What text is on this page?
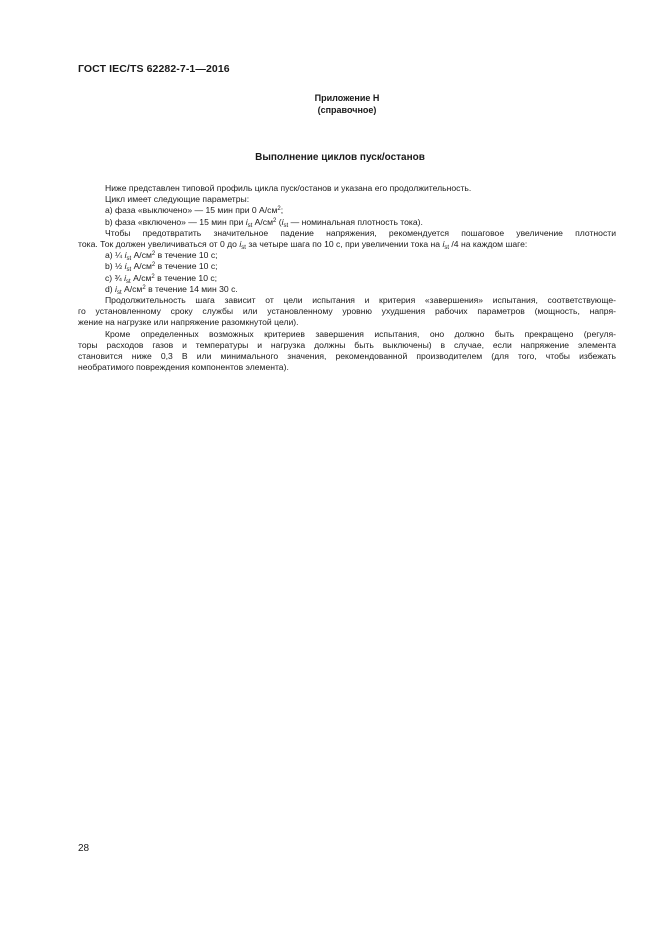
ГОСТ IEC/TS 62282-7-1—2016
Приложение Н
(справочное)
Выполнение циклов пуск/останов

Ниже представлен типовой профиль цикла пуск/останов и указана его продолжительность.

Цикл имеет следующие параметры:

а) фаза «выключено» — 15 мин при 0 $А/см^2$;

b) фаза «включено» — 15 мин при $i_{st}$ $А/см^2$ ($i_{st}$ — номинальная плотность тока).

Чтобы предотвратить значительное падение напряжения, рекомендуется пошаговое увеличение плотности

тока. Ток должен увеличиваться от 0 до $i_{st}$ за четыре шага по 10 с, при увеличении тока на $i_{st}$ /4 на каждом шаге:

а) ¼ $i_{st}$ $А/см^2$ в течение 10 с;

b) ½ $i_{st}$ $А/см^2$ в течение 10 с;

c) ¾ $i_{st}$ $А/см^2$ в течение 10 с;

d) $i_{st}$ $А/см^2$ в течение 14 мин 30 с.

Продолжительность шага зависит от цели испытания и критерия «завершения» испытания, соответствующе-

го установленному сроку службы или установленному уровню ухудшения рабочих параметров (мощность, напря-

жение на нагрузке или напряжение разомкнутой цели).

Кроме определенных возможных критериев завершения испытания, оно должно быть прекращено (регуля-

торы расходов газов и температуры и нагрузка должны быть выключены) в случае, если напряжение элемента

становится ниже 0,3 В или минимального значения, рекомендованной производителем (для того, чтобы избежать

необратимого повреждения компонентов элемента).

28
